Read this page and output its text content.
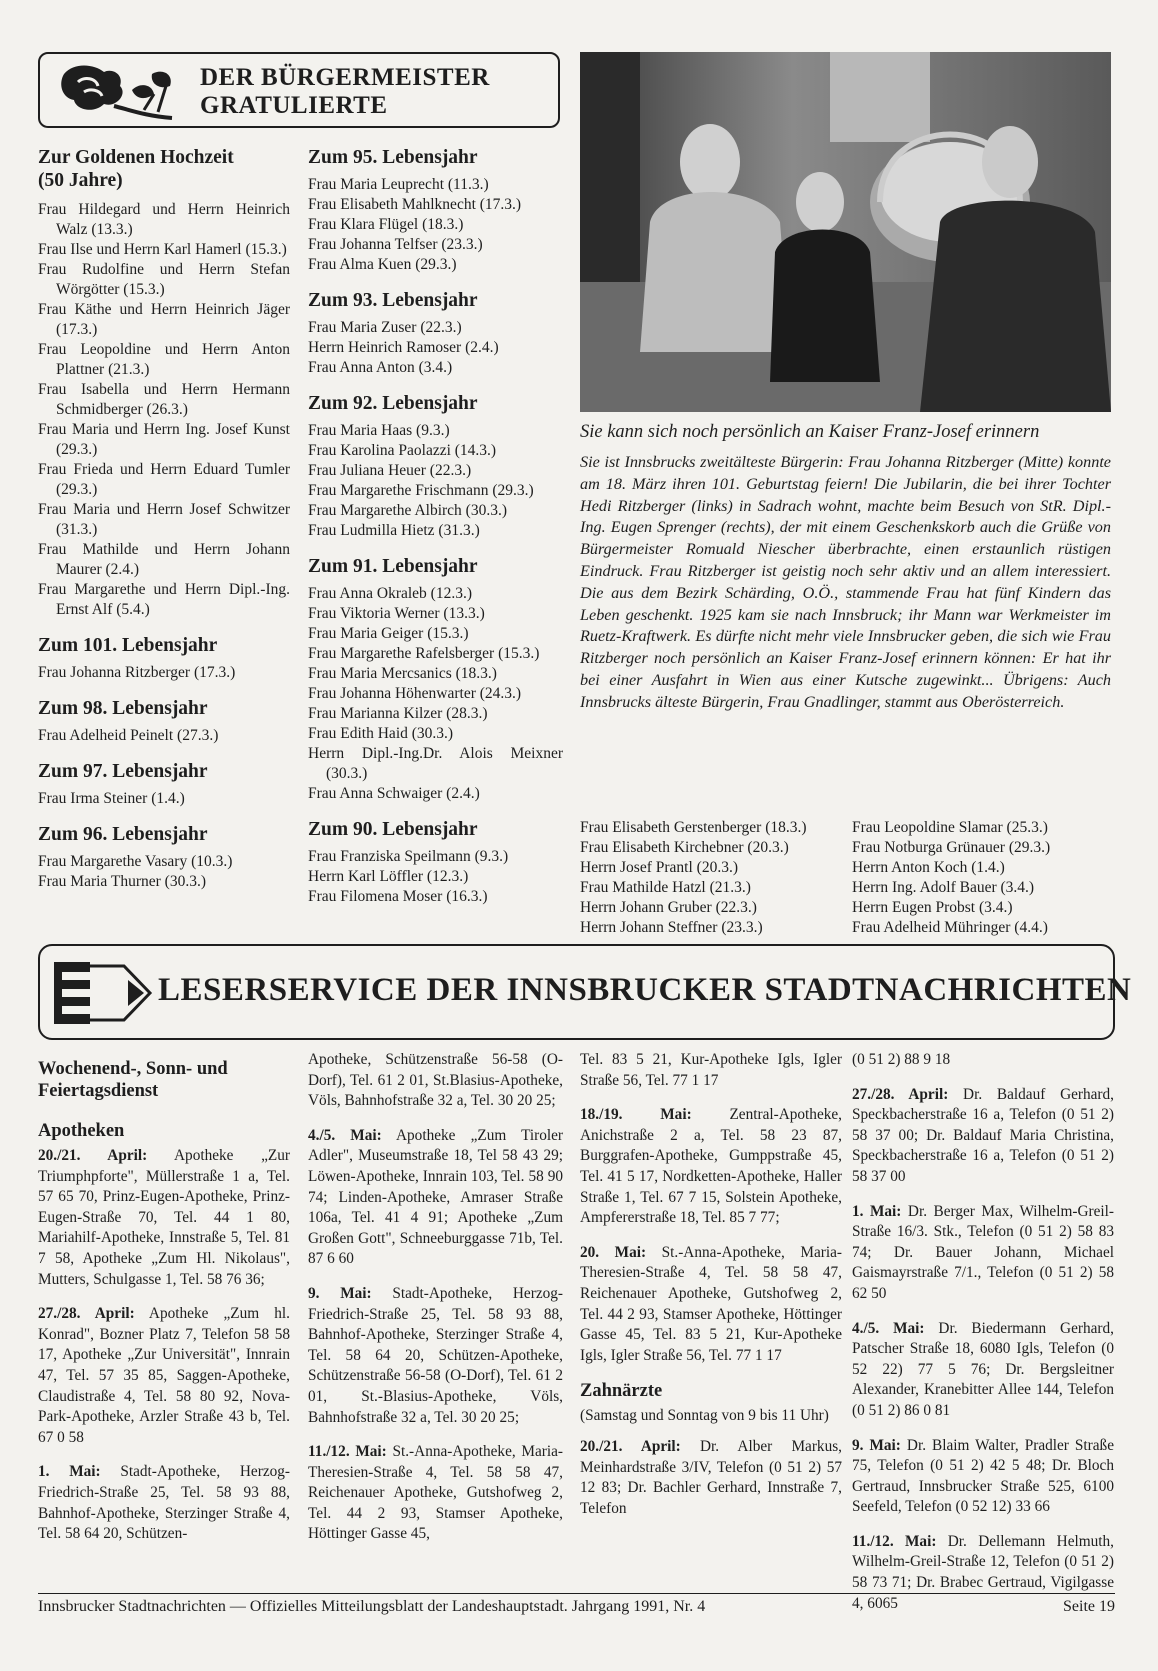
DER BÜRGERMEISTER
GRATULIERTE
Zur Goldenen Hochzeit
(50 Jahre)
Frau Hildegard und Herrn Heinrich Walz (13.3.)
Frau Ilse und Herrn Karl Hamerl (15.3.)
Frau Rudolfine und Herrn Stefan Wörgötter (15.3.)
Frau Käthe und Herrn Heinrich Jäger (17.3.)
Frau Leopoldine und Herrn Anton Plattner (21.3.)
Frau Isabella und Herrn Hermann Schmidberger (26.3.)
Frau Maria und Herrn Ing. Josef Kunst (29.3.)
Frau Frieda und Herrn Eduard Tumler (29.3.)
Frau Maria und Herrn Josef Schwitzer (31.3.)
Frau Mathilde und Herrn Johann Maurer (2.4.)
Frau Margarethe und Herrn Dipl.-Ing. Ernst Alf (5.4.)
Zum 101. Lebensjahr
Frau Johanna Ritzberger (17.3.)
Zum 98. Lebensjahr
Frau Adelheid Peinelt (27.3.)
Zum 97. Lebensjahr
Frau Irma Steiner (1.4.)
Zum 96. Lebensjahr
Frau Margarethe Vasary (10.3.)
Frau Maria Thurner (30.3.)
Zum 95. Lebensjahr
Frau Maria Leuprecht (11.3.)
Frau Elisabeth Mahlknecht (17.3.)
Frau Klara Flügel (18.3.)
Frau Johanna Telfser (23.3.)
Frau Alma Kuen (29.3.)
Zum 93. Lebensjahr
Frau Maria Zuser (22.3.)
Herrn Heinrich Ramoser (2.4.)
Frau Anna Anton (3.4.)
Zum 92. Lebensjahr
Frau Maria Haas (9.3.)
Frau Karolina Paolazzi (14.3.)
Frau Juliana Heuer (22.3.)
Frau Margarethe Frischmann (29.3.)
Frau Margarethe Albirch (30.3.)
Frau Ludmilla Hietz (31.3.)
Zum 91. Lebensjahr
Frau Anna Okraleb (12.3.)
Frau Viktoria Werner (13.3.)
Frau Maria Geiger (15.3.)
Frau Margarethe Rafelsberger (15.3.)
Frau Maria Mercsanics (18.3.)
Frau Johanna Höhenwarter (24.3.)
Frau Marianna Kilzer (28.3.)
Frau Edith Haid (30.3.)
Herrn Dipl.-Ing.Dr. Alois Meixner (30.3.)
Frau Anna Schwaiger (2.4.)
Zum 90. Lebensjahr
Frau Franziska Speilmann (9.3.)
Herrn Karl Löffler (12.3.)
Frau Filomena Moser (16.3.)
Sie kann sich noch persönlich an Kaiser Franz-Josef erinnern
Sie ist Innsbrucks zweitälteste Bürgerin: Frau Johanna Ritzberger (Mitte) konnte am 18. März ihren 101. Geburtstag feiern! Die Jubilarin, die bei ihrer Tochter Hedi Ritzberger (links) in Sadrach wohnt, machte beim Besuch von StR. Dipl.-Ing. Eugen Sprenger (rechts), der mit einem Geschenkskorb auch die Grüße von Bürgermeister Romuald Niescher überbrachte, einen erstaunlich rüstigen Eindruck. Frau Ritzberger ist geistig noch sehr aktiv und an allem interessiert. Die aus dem Bezirk Schärding, O.Ö., stammende Frau hat fünf Kindern das Leben geschenkt. 1925 kam sie nach Innsbruck; ihr Mann war Werkmeister im Ruetz-Kraftwerk. Es dürfte nicht mehr viele Innsbrucker geben, die sich wie Frau Ritzberger noch persönlich an Kaiser Franz-Josef erinnern können: Er hat ihr bei einer Ausfahrt in Wien aus einer Kutsche zugewinkt... Übrigens: Auch Innsbrucks älteste Bürgerin, Frau Gnadlinger, stammt aus Oberösterreich.
Frau Elisabeth Gerstenberger (18.3.)
Frau Elisabeth Kirchebner (20.3.)
Herrn Josef Prantl (20.3.)
Frau Mathilde Hatzl (21.3.)
Herrn Johann Gruber (22.3.)
Herrn Johann Steffner (23.3.)
Frau Leopoldine Slamar (25.3.)
Frau Notburga Grünauer (29.3.)
Herrn Anton Koch (1.4.)
Herrn Ing. Adolf Bauer (3.4.)
Herrn Eugen Probst (3.4.)
Frau Adelheid Mühringer (4.4.)
LESERSERVICE DER INNSBRUCKER STADTNACHRICHTEN
Wochenend-, Sonn- und
Feiertagsdienst
Apotheken

20./21. April: Apotheke „Zur Triumphpforte", Müllerstraße 1 a, Tel. 57 65 70, Prinz-Eugen-Apotheke, Prinz-Eugen-Straße 70, Tel. 44 1 80, Mariahilf-Apotheke, Innstraße 5, Tel. 81 7 58, Apotheke „Zum Hl. Nikolaus", Mutters, Schulgasse 1, Tel. 58 76 36;

27./28. April: Apotheke „Zum hl. Konrad", Bozner Platz 7, Telefon 58 58 17, Apotheke „Zur Universität", Innrain 47, Tel. 57 35 85, Saggen-Apotheke, Claudistraße 4, Tel. 58 80 92, Nova-Park-Apotheke, Arzler Straße 43 b, Tel. 67 0 58

1. Mai: Stadt-Apotheke, Herzog-Friedrich-Straße 25, Tel. 58 93 88, Bahnhof-Apotheke, Sterzinger Straße 4, Tel. 58 64 20, Schützen-

Apotheke, Schützenstraße 56-58 (O-Dorf), Tel. 61 2 01, St.Blasius-Apotheke, Völs, Bahnhofstraße 32 a, Tel. 30 20 25;

4./5. Mai: Apotheke „Zum Tiroler Adler", Museumstraße 18, Tel 58 43 29; Löwen-Apotheke, Innrain 103, Tel. 58 90 74; Linden-Apotheke, Amraser Straße 106a, Tel. 41 4 91; Apotheke „Zum Großen Gott", Schneeburggasse 71b, Tel. 87 6 60

9. Mai: Stadt-Apotheke, Herzog-Friedrich-Straße 25, Tel. 58 93 88, Bahnhof-Apotheke, Sterzinger Straße 4, Tel. 58 64 20, Schützen-Apotheke, Schützenstraße 56-58 (O-Dorf), Tel. 61 2 01, St.-Blasius-Apotheke, Völs, Bahnhofstraße 32 a, Tel. 30 20 25;

11./12. Mai: St.-Anna-Apotheke, Maria-Theresien-Straße 4, Tel. 58 58 47, Reichenauer Apotheke, Gutshofweg 2, Tel. 44 2 93, Stamser Apotheke, Höttinger Gasse 45,

Tel. 83 5 21, Kur-Apotheke Igls, Igler Straße 56, Tel. 77 1 17

18./19. Mai: Zentral-Apotheke, Anichstraße 2 a, Tel. 58 23 87, Burggrafen-Apotheke, Gumppstraße 45, Tel. 41 5 17, Nordketten-Apotheke, Haller Straße 1, Tel. 67 7 15, Solstein Apotheke, Ampfererstraße 18, Tel. 85 7 77;

20. Mai: St.-Anna-Apotheke, Maria-Theresien-Straße 4, Tel. 58 58 47, Reichenauer Apotheke, Gutshofweg 2, Tel. 44 2 93, Stamser Apotheke, Höttinger Gasse 45, Tel. 83 5 21, Kur-Apotheke Igls, Igler Straße 56, Tel. 77 1 17

Zahnärzte

(Samstag und Sonntag von 9 bis 11 Uhr)

20./21. April: Dr. Alber Markus, Meinhardstraße 3/IV, Telefon (0 51 2) 57 12 83; Dr. Bachler Gerhard, Innstraße 7, Telefon

(0 51 2) 88 9 18

27./28. April: Dr. Baldauf Gerhard, Speckbacherstraße 16 a, Telefon (0 51 2) 58 37 00; Dr. Baldauf Maria Christina, Speckbacherstraße 16 a, Telefon (0 51 2) 58 37 00

1. Mai: Dr. Berger Max, Wilhelm-Greil-Straße 16/3. Stk., Telefon (0 51 2) 58 83 74; Dr. Bauer Johann, Michael Gaismayrstraße 7/1., Telefon (0 51 2) 58 62 50

4./5. Mai: Dr. Biedermann Gerhard, Patscher Straße 18, 6080 Igls, Telefon (0 52 22) 77 5 76; Dr. Bergsleitner Alexander, Kranebitter Allee 144, Telefon (0 51 2) 86 0 81

9. Mai: Dr. Blaim Walter, Pradler Straße 75, Telefon (0 51 2) 42 5 48; Dr. Bloch Gertraud, Innsbrucker Straße 525, 6100 Seefeld, Telefon (0 52 12) 33 66

11./12. Mai: Dr. Dellemann Helmuth, Wilhelm-Greil-Straße 12, Telefon (0 51 2) 58 73 71; Dr. Brabec Gertraud, Vigilgasse 4, 6065

Innsbrucker Stadtnachrichten — Offizielles Mitteilungsblatt der Landeshauptstadt. Jahrgang 1991, Nr. 4	Seite 19
